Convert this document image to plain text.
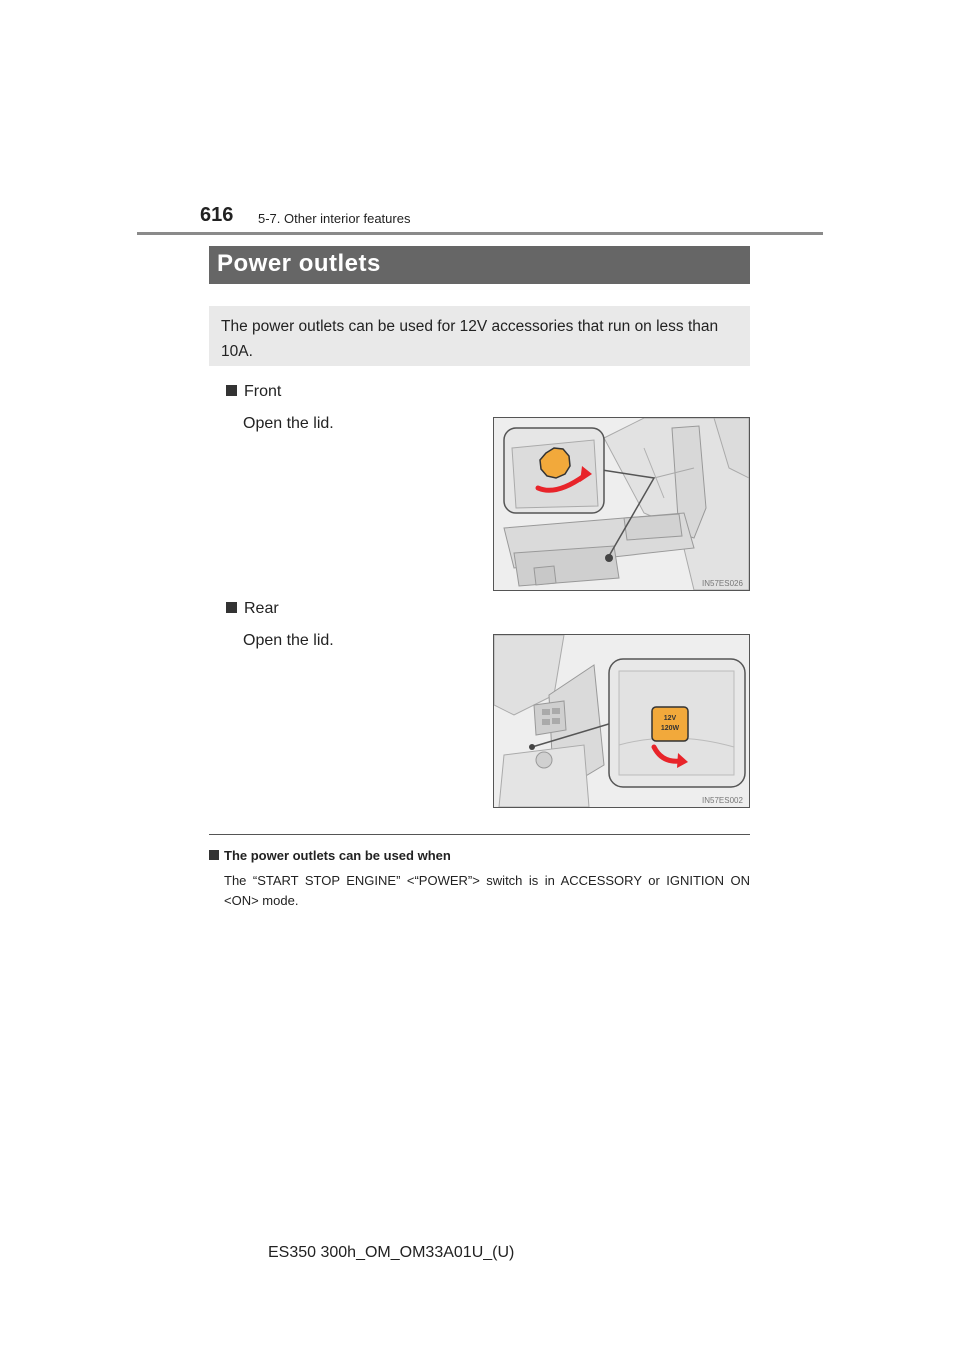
616 5-7. Other interior features
Power outlets
The power outlets can be used for 12V accessories that run on less than 10A.
Front
Open the lid.
IN57ES026
Rear
Open the lid.
12V
120W
IN57ES002
The power outlets can be used when
The “START STOP ENGINE” <“POWER”> switch is in ACCESSORY or IGNITION ON <ON> mode.
ES350 300h_OM_OM33A01U_(U)
